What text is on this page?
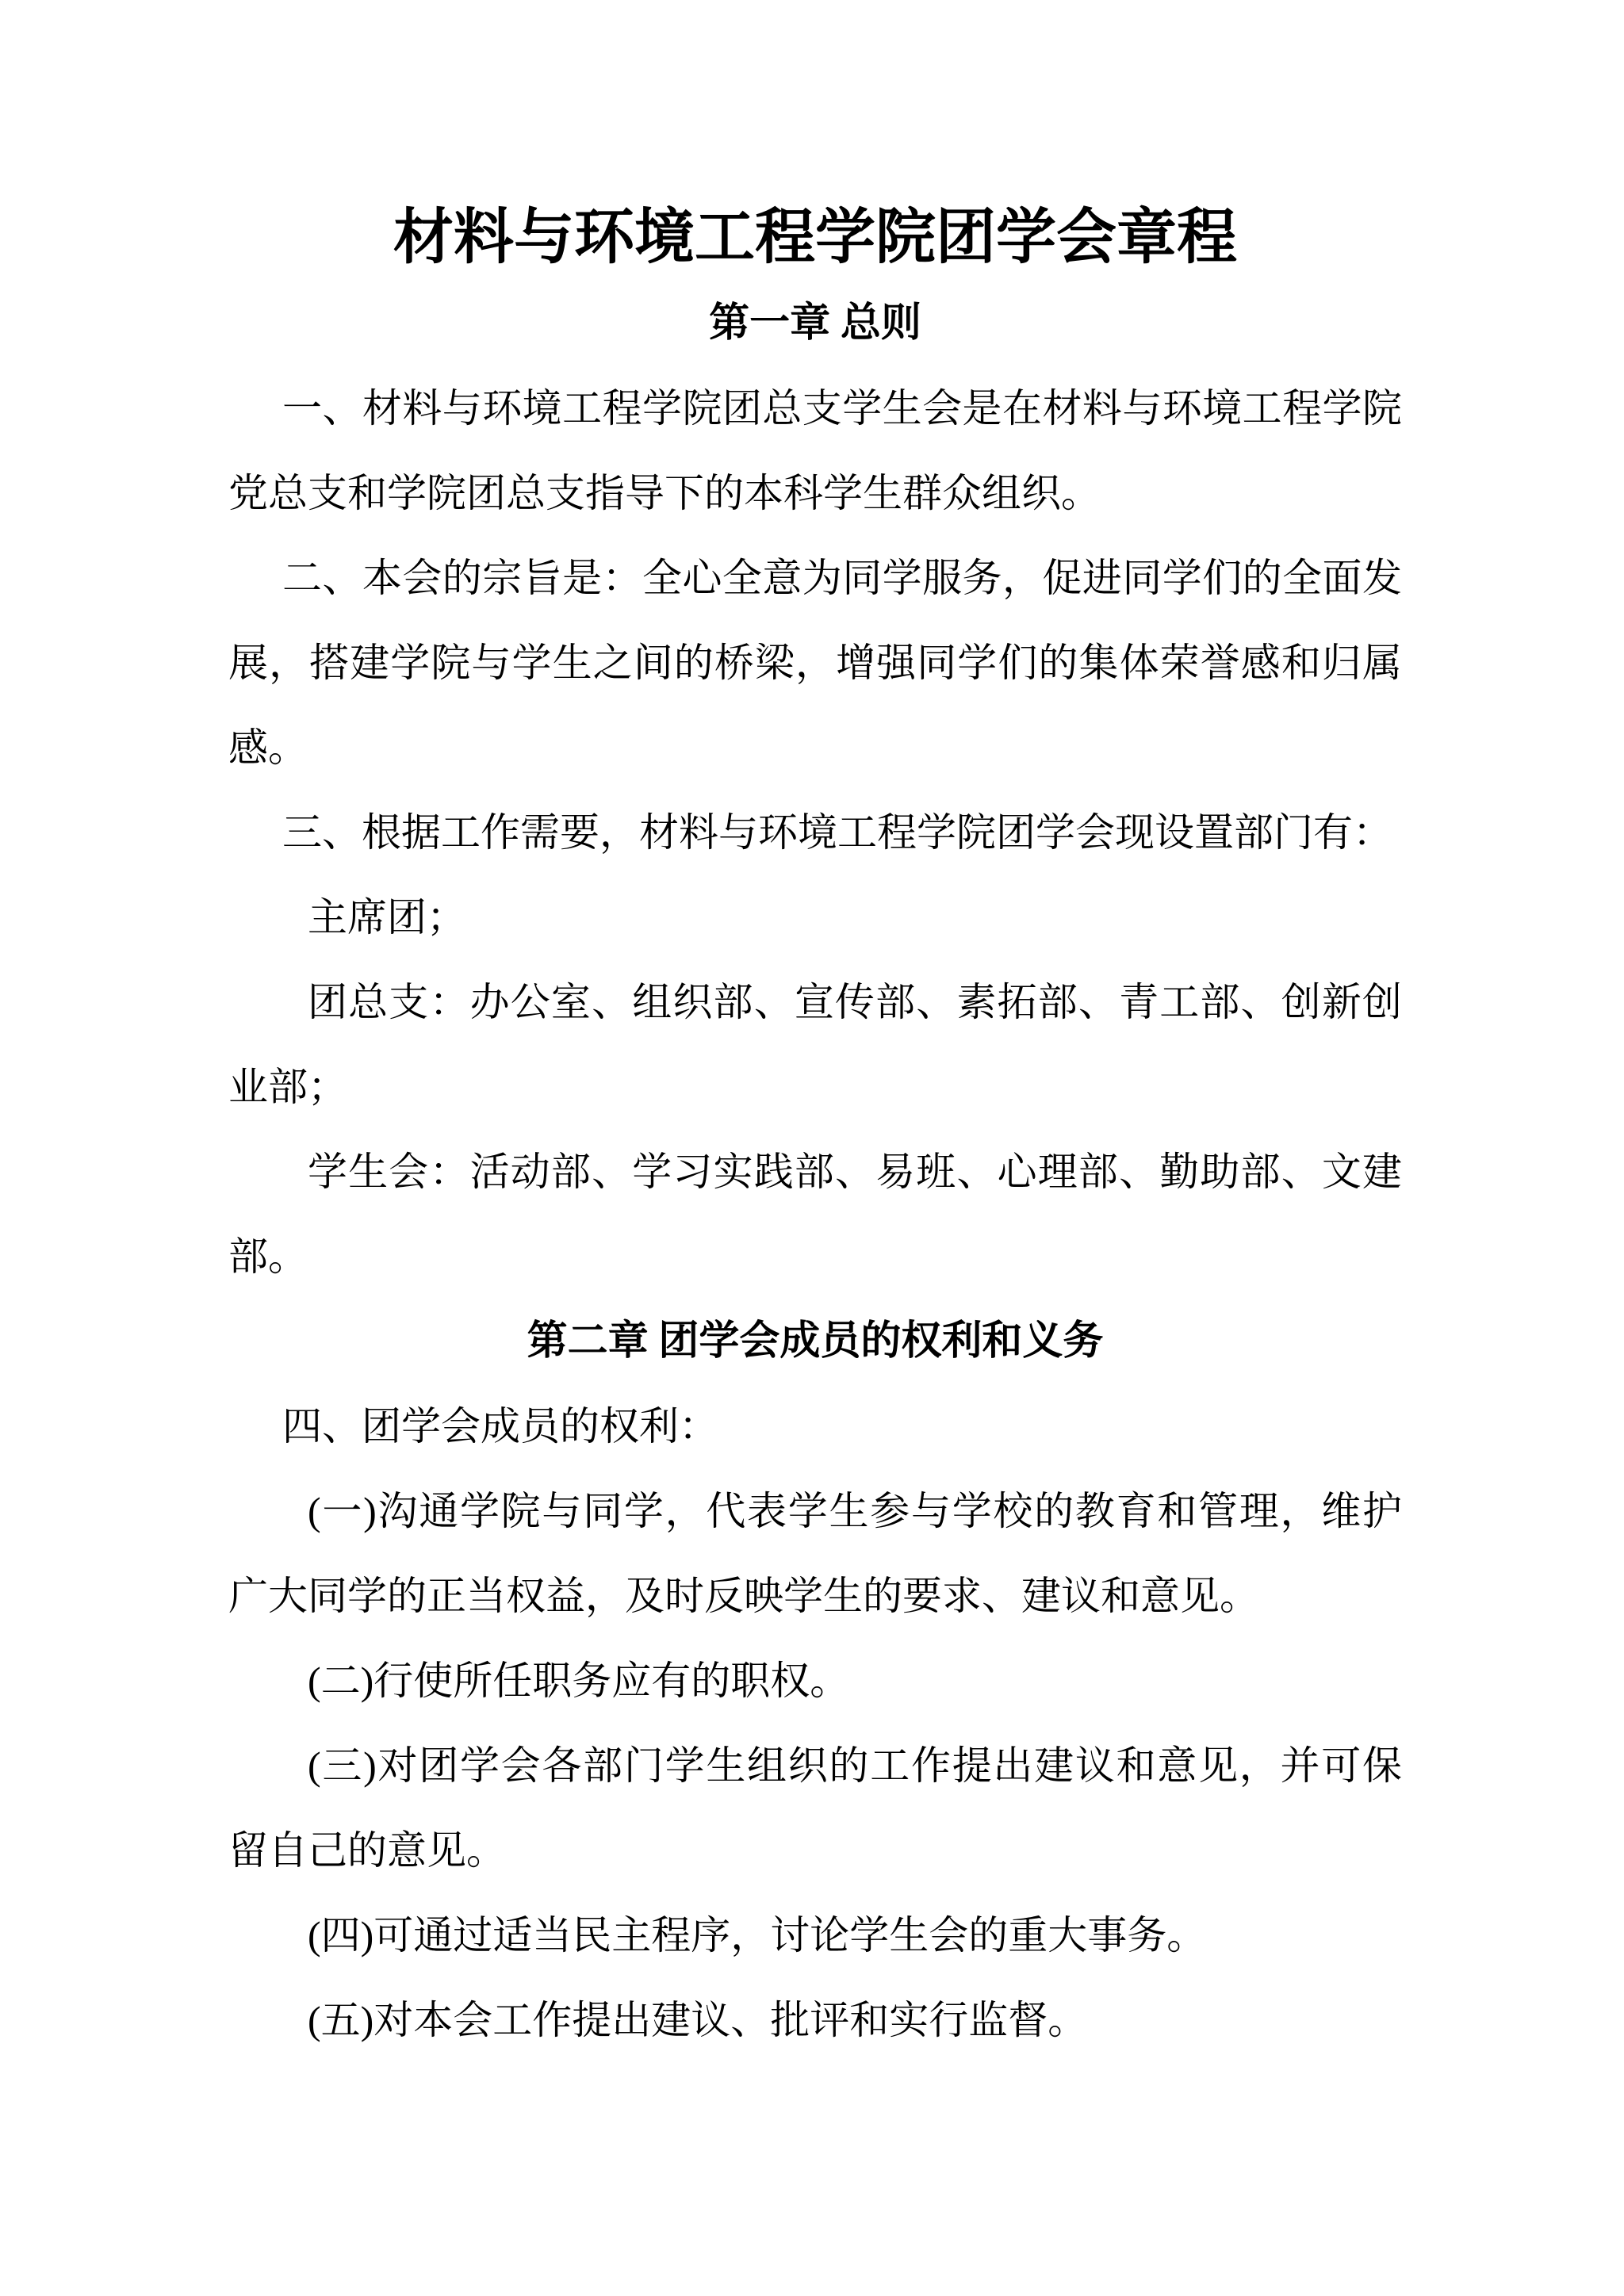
材料与环境工程学院团学会章程
第一章 总则

一、材料与环境工程学院团总支学生会是在材料与环境工程学院党总支和学院团总支指导下的本科学生群众组织。

二、本会的宗旨是：全心全意为同学服务，促进同学们的全面发展，搭建学院与学生之间的桥梁，增强同学们的集体荣誉感和归属感。

三、根据工作需要，材料与环境工程学院团学会现设置部门有：

主席团；

团总支：办公室、组织部、宣传部、素拓部、青工部、创新创业部；

学生会：活动部、学习实践部、易班、心理部、勤助部、文建部。

第二章 团学会成员的权利和义务

四、团学会成员的权利：

(一)沟通学院与同学，代表学生参与学校的教育和管理，维护广大同学的正当权益，及时反映学生的要求、建议和意见。

(二)行使所任职务应有的职权。

(三)对团学会各部门学生组织的工作提出建议和意见，并可保留自己的意见。

(四)可通过适当民主程序，讨论学生会的重大事务。

(五)对本会工作提出建议、批评和实行监督。
